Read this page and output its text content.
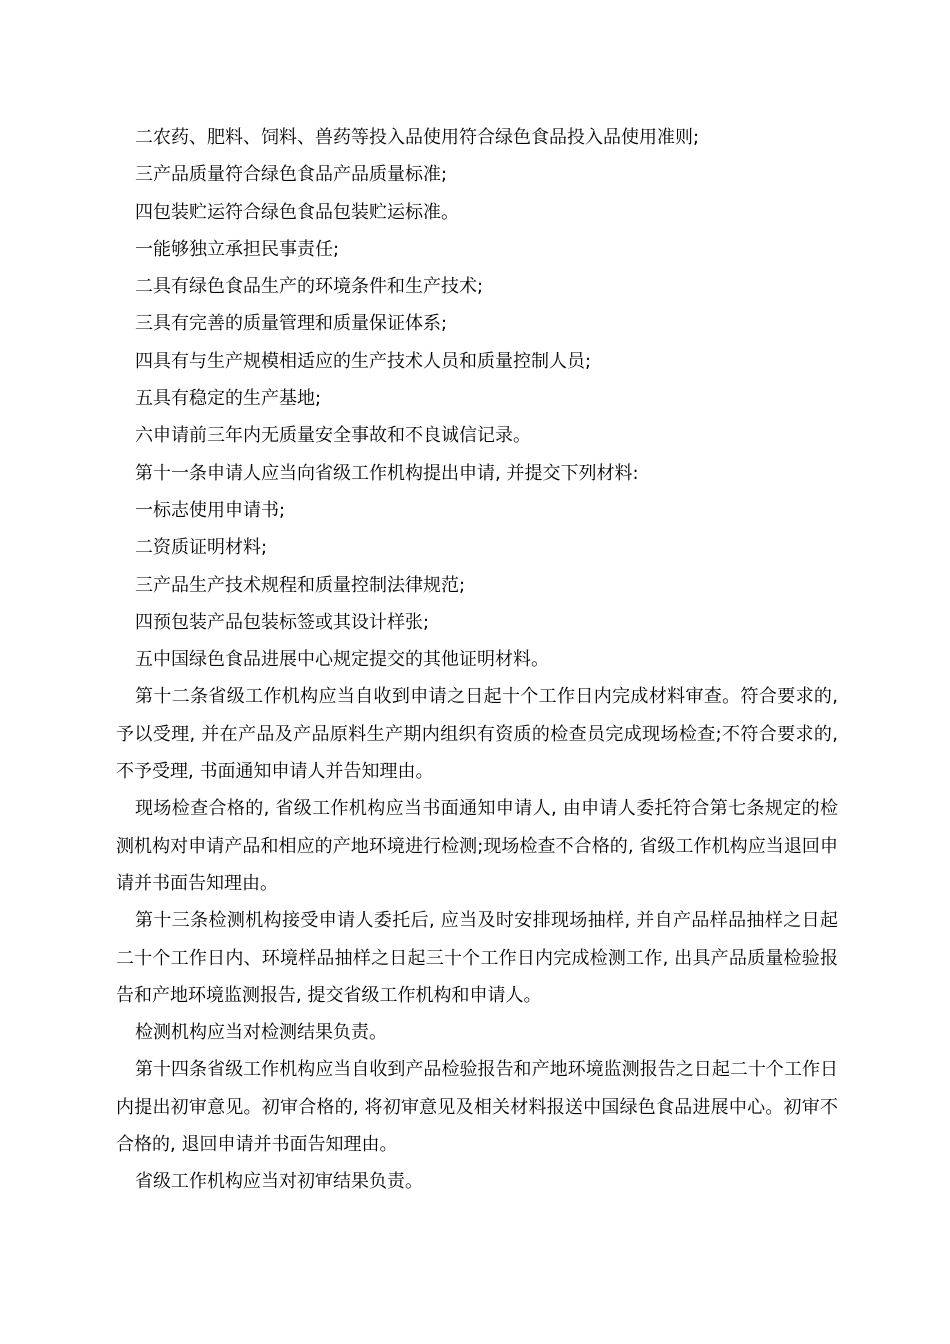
二农药、肥料、饲料、兽药等投入品使用符合绿色食品投入品使用准则;

三产品质量符合绿色食品产品质量标准;

四包装贮运符合绿色食品包装贮运标准。

一能够独立承担民事责任;

二具有绿色食品生产的环境条件和生产技术;

三具有完善的质量管理和质量保证体系;

四具有与生产规模相适应的生产技术人员和质量控制人员;

五具有稳定的生产基地;

六申请前三年内无质量安全事故和不良诚信记录。

第十一条申请人应当向省级工作机构提出申请, 并提交下列材料:

一标志使用申请书;

二资质证明材料;

三产品生产技术规程和质量控制法律规范;

四预包装产品包装标签或其设计样张;

五中国绿色食品进展中心规定提交的其他证明材料。

第十二条省级工作机构应当自收到申请之日起十个工作日内完成材料审查。符合要求的, 予以受理, 并在产品及产品原料生产期内组织有资质的检查员完成现场检查;不符合要求的, 不予受理, 书面通知申请人并告知理由。

现场检查合格的, 省级工作机构应当书面通知申请人, 由申请人委托符合第七条规定的检测机构对申请产品和相应的产地环境进行检测;现场检查不合格的, 省级工作机构应当退回申请并书面告知理由。

第十三条检测机构接受申请人委托后, 应当及时安排现场抽样, 并自产品样品抽样之日起二十个工作日内、环境样品抽样之日起三十个工作日内完成检测工作, 出具产品质量检验报告和产地环境监测报告, 提交省级工作机构和申请人。

检测机构应当对检测结果负责。

第十四条省级工作机构应当自收到产品检验报告和产地环境监测报告之日起二十个工作日内提出初审意见。初审合格的, 将初审意见及相关材料报送中国绿色食品进展中心。初审不合格的, 退回申请并书面告知理由。

省级工作机构应当对初审结果负责。
